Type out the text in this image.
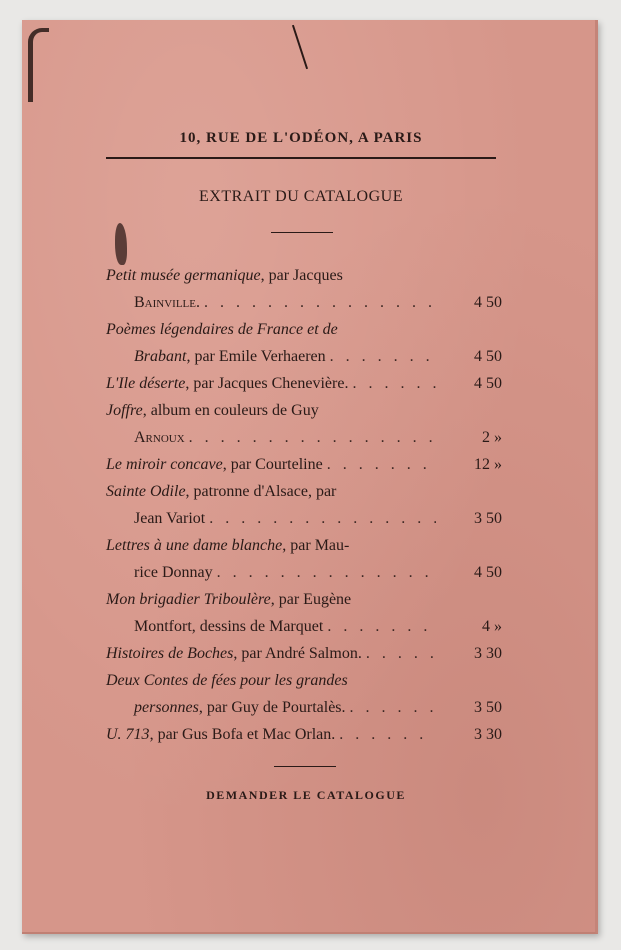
10, RUE DE L'ODÉON, A PARIS
EXTRAIT DU CATALOGUE
Petit musée germanique, par Jacques
Bainville. . . .	4 50
Poèmes légendaires de France et de
Brabant, par Emile Verhaeren . . .	4 50
L'Ile déserte, par Jacques Chenevière. . . .	4 50
Joffre, album en couleurs de Guy
Arnoux . . .	2 »
Le miroir concave, par Courteline . . .	12 »
Sainte Odile, patronne d'Alsace, par
Jean Variot . . .	3 50
Lettres à une dame blanche, par Mau-
rice Donnay . . .	4 50
Mon brigadier Triboulère, par Eugène
Montfort, dessins de Marquet . . .	4 »
Histoires de Boches, par André Salmon. . . .	3 30
Deux Contes de fées pour les grandes
personnes, par Guy de Pourtalès. . . .	3 50
U. 713, par Gus Bofa et Mac Orlan. . . .	3 30
DEMANDER LE CATALOGUE
